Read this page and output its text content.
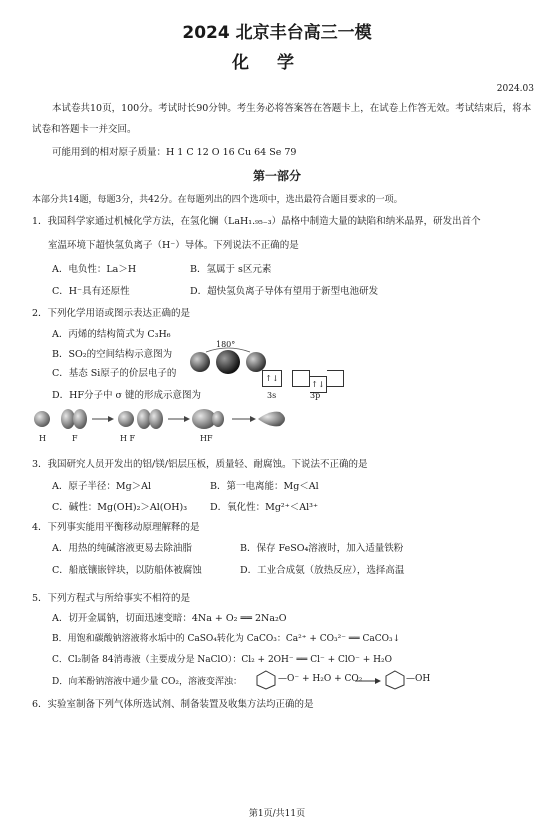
2024 北京丰台高三一模
化学
2024.03
本试卷共10页，100分。考试时长90分钟。考生务必将答案答在答题卡上，在试卷上作答无效。考试结束后，将本试卷和答题卡一并交回。
可能用到的相对原子质量：H 1 C 12 O 16 Cu 64 Se 79
第一部分
本部分共14题，每题3分，共42分。在每题列出的四个选项中，选出最符合题目要求的一项。
1．我国科学家通过机械化学方法，在氢化镧（LaH₁.₉₅₋₃）晶格中制造大量的缺陷和纳米晶界，研发出首个
室温环境下超快氢负离子（H⁻）导体。下列说法不正确的是
A．电负性：La＞H	B．氢属于 s区元素
C．H⁻具有还原性	D．超快氢负离子导体有望用于新型电池研发
2．下列化学用语或图示表达正确的是
A．丙烯的结构简式为 C₃H₆
B．SO₂的空间结构示意图为
C．基态 Si原子的价层电子的
D．HF分子中 σ 键的形成示意图为
180°
↑↓
↑↓
3s	3p
H	F	H F	HF
3．我国研究人员开发出的铝/镁/铝层压板，质量轻、耐腐蚀。下说法不正确的是
A．原子半径：Mg＞Al	B．第一电离能：Mg＜Al
C．碱性：Mg(OH)₂＞Al(OH)₃ D．氧化性：Mg²⁺＜Al³⁺
4．下列事实能用平衡移动原理解释的是
A．用热的纯碱溶液更易去除油脂	B．保存 FeSO₄溶液时，加入适量铁粉
C．船底镶嵌锌块，以防船体被腐蚀	D．工业合成氨（放热反应），选择高温
5．下列方程式与所给事实不相符的是
A．切开金属钠，切面迅速变暗：4Na + O₂ ══ 2Na₂O
B．用饱和碳酸钠溶液将水垢中的 CaSO₄转化为 CaCO₃：Ca²⁺ + CO₃²⁻ ══ CaCO₃↓
C．Cl₂制备 84消毒液（主要成分是 NaClO）：Cl₂ + 2OH⁻ ══ Cl⁻ + ClO⁻ + H₂O
D．向苯酚钠溶液中通少量 CO₂，溶液变浑浊：	—O⁻ + H₂O + CO₂	—OH
6．实验室制备下列气体所选试剂、制备装置及收集方法均正确的是
第1页/共11页
